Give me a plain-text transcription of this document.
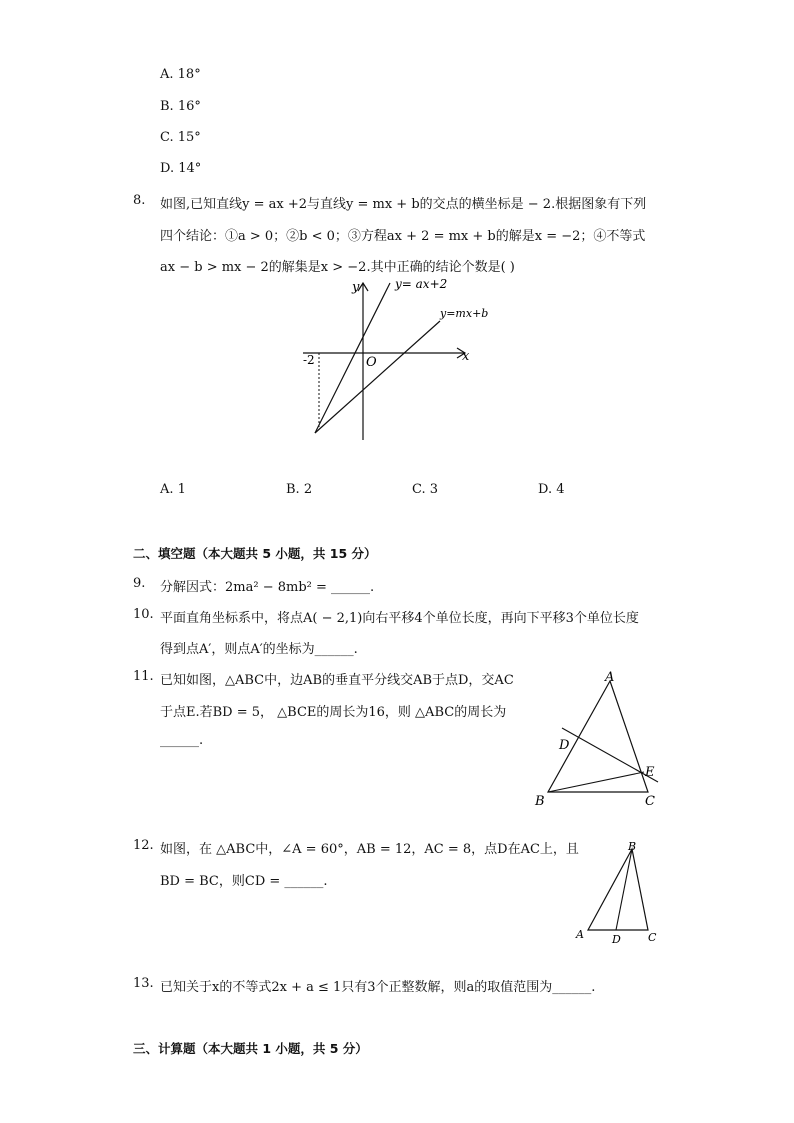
A. 18°
B. 16°
C. 15°
D. 14°
8. 如图,已知直线y = ax +2与直线y = mx + b的交点的横坐标是 − 2.根据图象有下列
四个结论：①a > 0；②b < 0；③方程ax + 2 = mx + b的解是x = −2；④不等式
ax − b > mx − 2的解集是x > −2.其中正确的结论个数是( )
y= ax+2
y=mx+b
y
x
O
-2
A. 1	B. 2	C. 3	D. 4
二、填空题（本大题共 5 小题，共 15 分）
9. 分解因式：2ma² − 8mb² = ______.
10. 平面直角坐标系中，将点A( − 2,1)向右平移4个单位长度，再向下平移3个单位长度
得到点A′，则点A′的坐标为______.
11. 已知如图，△ABC中，边AB的垂直平分线交AB于点D，交AC
于点E.若BD = 5， △BCE的周长为16，则 △ABC的周长为
______.
A
B	C
D
E
12. 如图，在 △ABC中，∠A = 60°，AB = 12，AC = 8，点D在AC上，且
BD = BC，则CD = ______.
B
A	D C
13. 已知关于x的不等式2x + a ≤ 1只有3个正整数解，则a的取值范围为______.
三、计算题（本大题共 1 小题，共 5 分）
